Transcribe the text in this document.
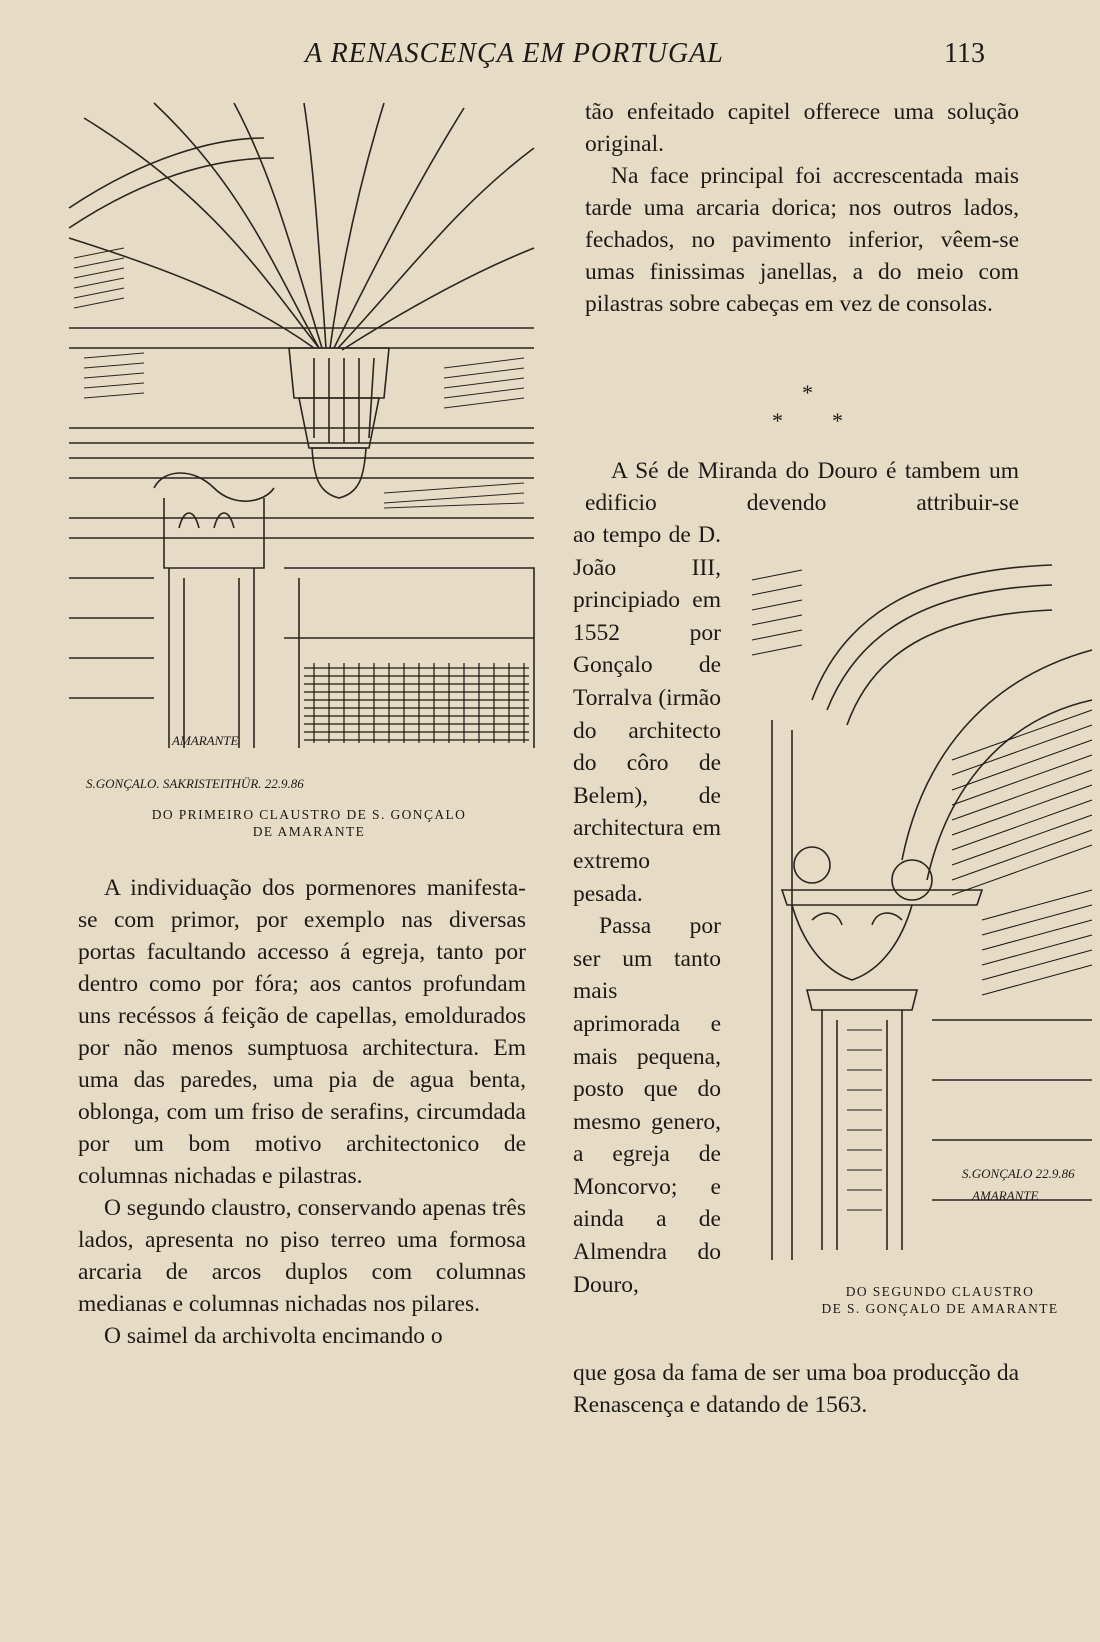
A RENASCENÇA EM PORTUGAL	113
AMARANTE
S.GONÇALO. SAKRISTEITHÜR. 22.9.86
DO PRIMEIRO CLAUSTRO DE S. GONÇALO
DE AMARANTE

tão enfeitado capitel offerece uma solução original.

Na face principal foi accrescentada mais tarde uma arcaria dorica; nos outros lados, fechados, no pavimento inferior, vêem-se umas finissimas janellas, a do meio com pilastras sobre cabeças em vez de consolas.

*
* *

A Sé de Miranda do Douro é tambem um edificio devendo attribuir-se

ao tempo de D. João III, principiado em 1552 por Gonçalo de Torralva (irmão do architecto do côro de Belem), de architectura em extremo pesada.

Passa por ser um tanto mais aprimorada e mais pequena, posto que do mesmo genero, a egreja de Moncorvo; e ainda a de Almendra do Douro,

S.GONÇALO 22.9.86
AMARANTE
DO SEGUNDO CLAUSTRO
DE S. GONÇALO DE AMARANTE

que gosa da fama de ser uma boa producção da Renascença e datando de 1563.

A individuação dos pormenores manifesta-se com primor, por exemplo nas diversas portas facultando accesso á egreja, tanto por dentro como por fóra; aos cantos profundam uns recéssos á feição de capellas, emoldurados por não menos sumptuosa architectura. Em uma das paredes, uma pia de agua benta, oblonga, com um friso de serafins, circumdada por um bom motivo architectonico de columnas nichadas e pilastras.

O segundo claustro, conservando apenas três lados, apresenta no piso terreo uma formosa arcaria de arcos duplos com columnas medianas e columnas nichadas nos pilares.

O saimel da archivolta encimando o
